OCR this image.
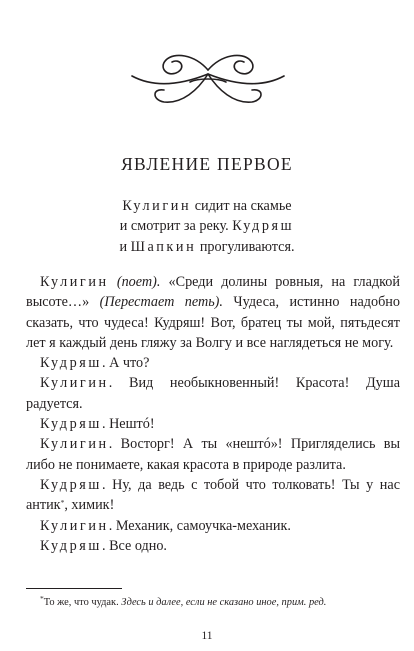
ЯВЛЕНИЕ ПЕРВОЕ
Кулигин сидит на скамье
и смотрит за реку. Кудряш
и Шапкин прогуливаются.

Кулигин (поет). «Среди долины ровныя, на гладкой высоте…» (Перестает петь). Чудеса, истинно надобно сказать, что чудеса! Кудряш! Вот, братец ты мой, пятьдесят лет я каждый день гляжу за Волгу и все наглядеться не могу.

Кудряш. А что?

Кулигин. Вид необыкновенный! Красота! Душа радуется.

Кудряш. Нештó!

Кулигин. Восторг! А ты «нештó»! Пригляделись вы либо не понимаете, какая красота в природе разлита.

Кудряш. Ну, да ведь с тобой что толковать! Ты у нас антик*, химик!

Кулигин. Механик, самоучка-механик.

Кудряш. Все одно.

*То же, что чудак. Здесь и далее, если не сказано иное, прим. ред.
11
